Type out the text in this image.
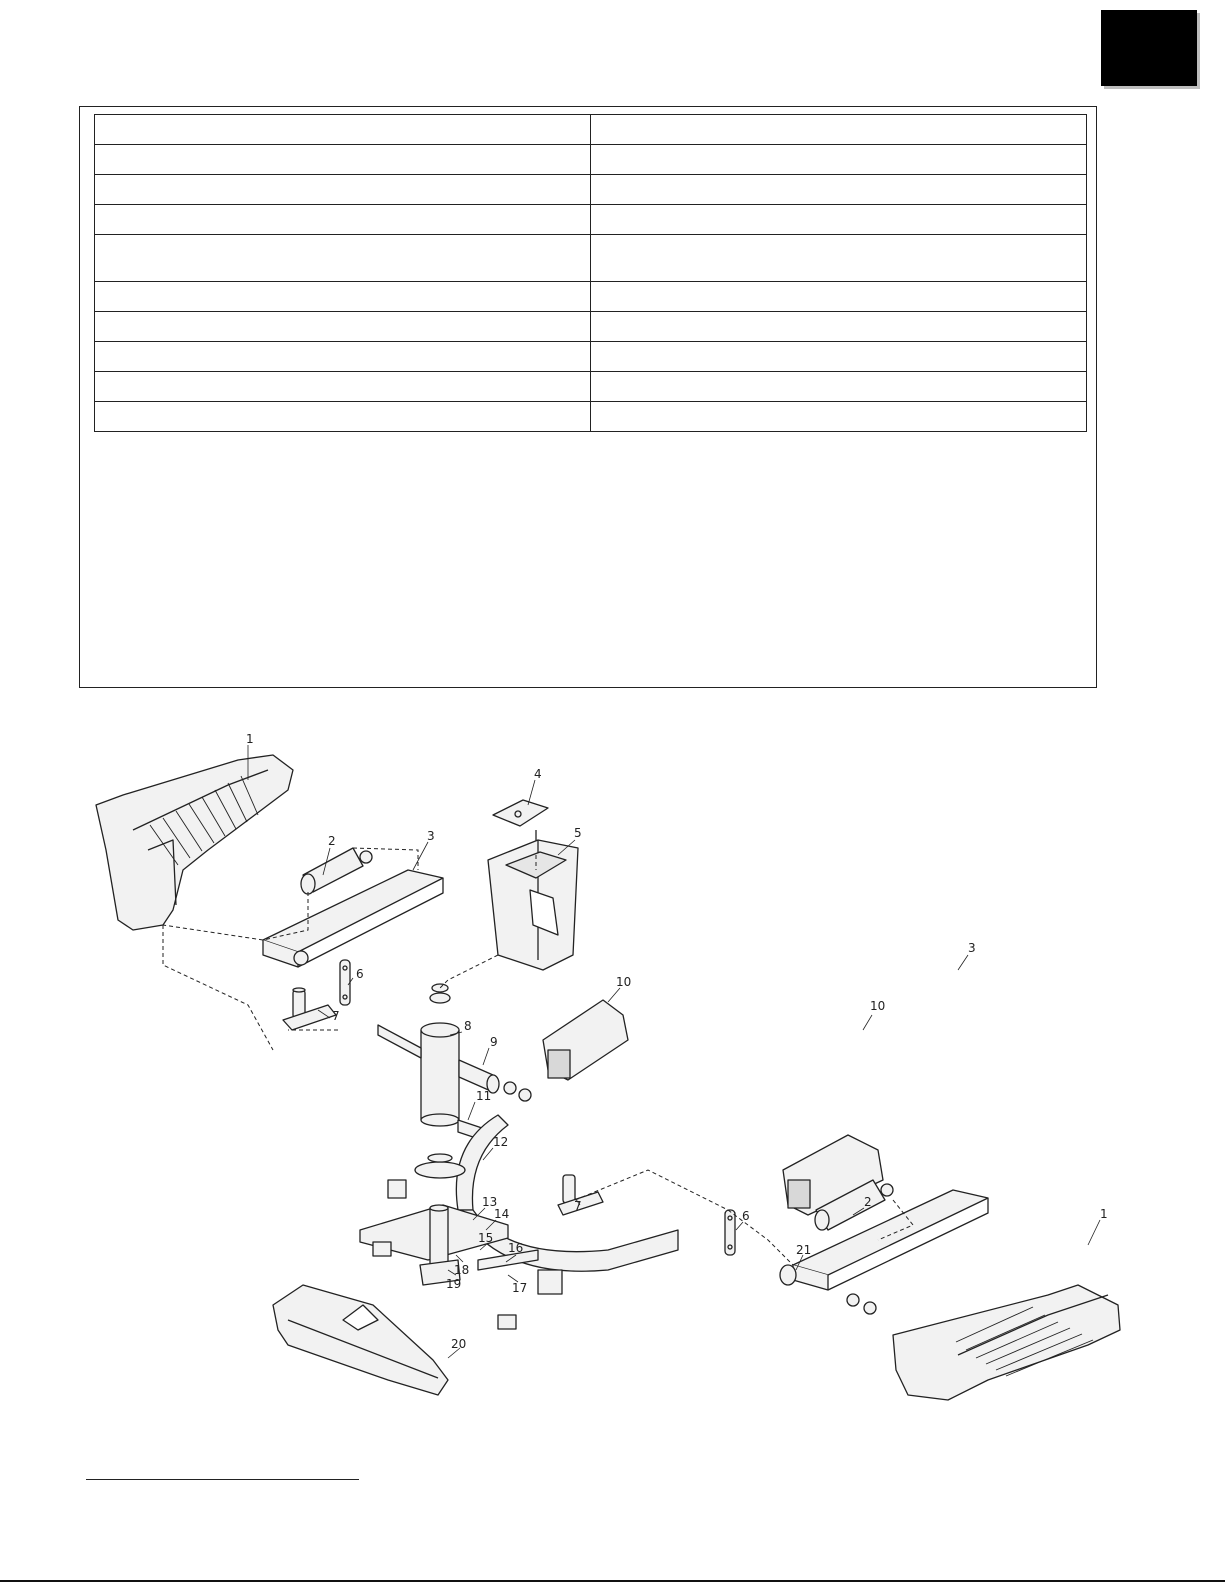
1
2	3
4
5
6
7
8
9
10
11
12
13
14
15
16
17
18
19
20
21
1
2
3
6
7
10
